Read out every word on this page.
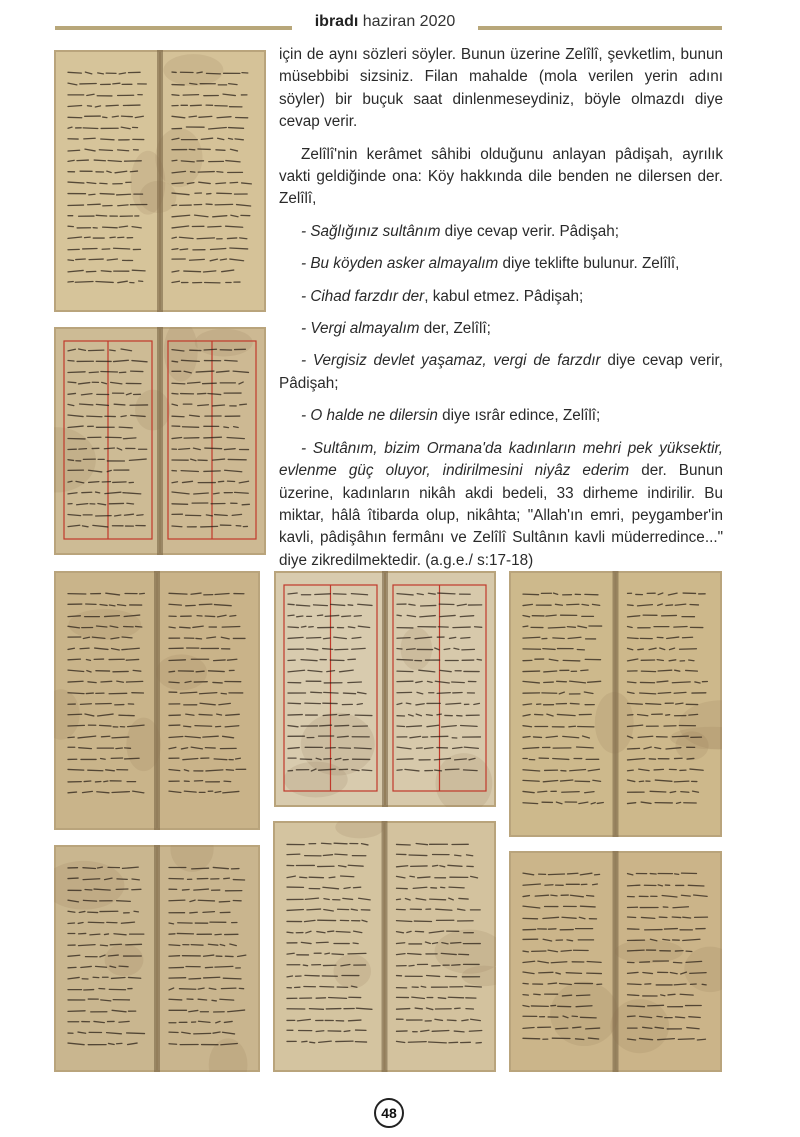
ibradı haziran 2020

için de aynı sözleri söyler. Bunun üzerine Zelîlî, şevketlim, bunun müsebbibi sizsiniz. Filan mahalde (mola verilen yerin adını söyler) bir buçuk saat dinlenmeseydiniz, böyle olmazdı diye cevap verir.

Zelîlî'nin kerâmet sâhibi olduğunu anlayan pâdişah, ayrılık vakti geldiğinde ona: Köy hakkında dile benden ne dilersen der. Zelîlî,

- Sağlığınız sultânım diye cevap verir. Pâdişah;

- Bu köyden asker almayalım diye teklifte bulunur. Zelîlî,

- Cihad farzdır der, kabul etmez. Pâdişah;

- Vergi almayalım der, Zelîlî;

- Vergisiz devlet yaşamaz, vergi de farzdır diye cevap verir, Pâdişah;

- O halde ne dilersin diye ısrâr edince, Zelîlî;

- Sultânım, bizim Ormana'da kadınların mehri pek yüksektir, evlenme güç oluyor, indirilmesini niyâz ederim der. Bunun üzerine, kadınların nikâh akdi bedeli, 33 dirheme indirilir. Bu miktar, hâlâ îtibarda olup, nikâhta; "Allah'ın emri, peygamber'in kavli, pâdişâhın fermânı ve Zelîlî Sultânın kavli müderredince..." diye zikredilmektedir. (a.g.e./ s:17-18)

48
